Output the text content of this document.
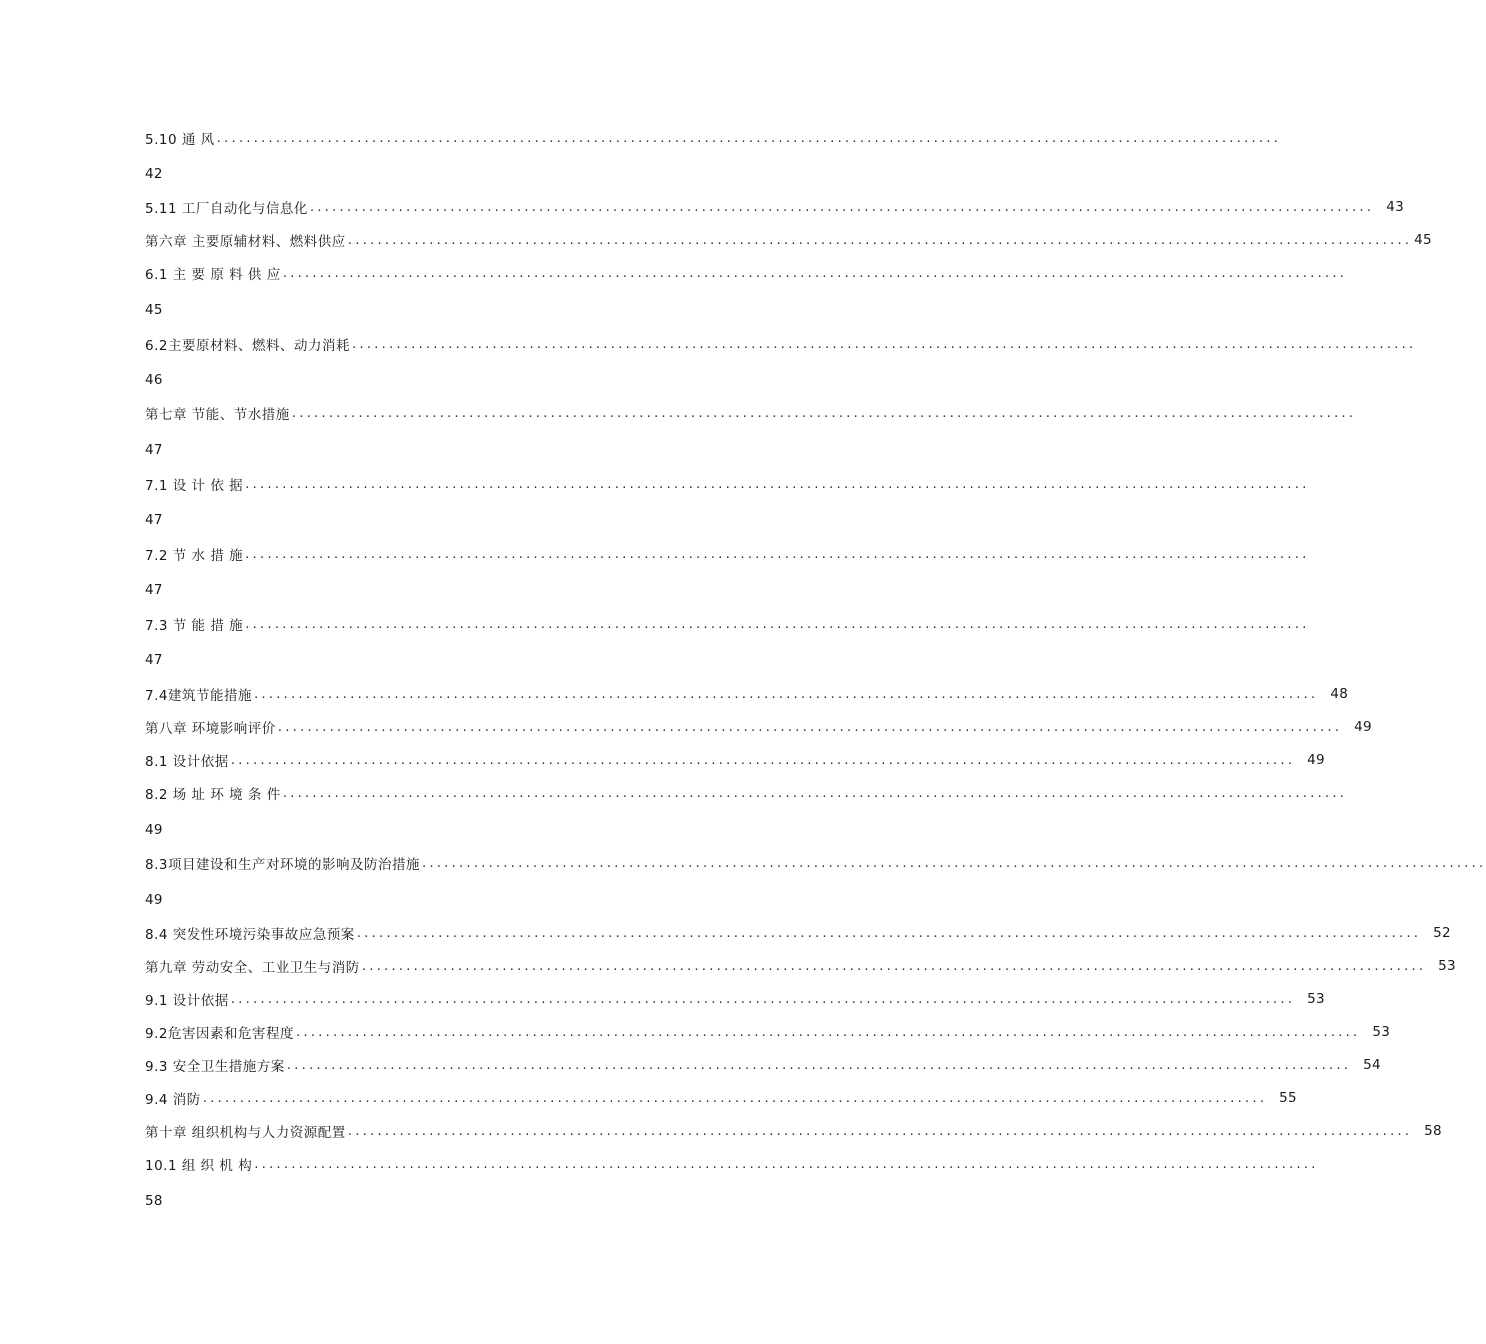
5.10 通 风 ................................................................................................................................................
42
5.11 工厂自动化与信息化 ................................................................................................................................................ 43
第六章 主要原辅材料、燃料供应 ................................................................................................................................................ 45
6.1 主 要 原 料 供 应 ................................................................................................................................................
45
6.2主要原材料、燃料、动力消耗 ................................................................................................................................................
46
第七章 节能、节水措施 ................................................................................................................................................
47
7.1 设 计 依 据 ................................................................................................................................................
47
7.2 节 水 措 施 ................................................................................................................................................
47
7.3 节 能 措 施 ................................................................................................................................................
47
7.4建筑节能措施 ................................................................................................................................................ 48
第八章 环境影响评价 ................................................................................................................................................ 49
8.1 设计依据 ................................................................................................................................................ 49
8.2 场 址 环 境 条 件 ................................................................................................................................................
49
8.3项目建设和生产对环境的影响及防治措施 ................................................................................................................................................
49
8.4 突发性环境污染事故应急预案 ................................................................................................................................................ 52
第九章 劳动安全、工业卫生与消防 ................................................................................................................................................ 53
9.1 设计依据 ................................................................................................................................................ 53
9.2危害因素和危害程度 ................................................................................................................................................ 53
9.3 安全卫生措施方案 ................................................................................................................................................ 54
9.4 消防 ................................................................................................................................................ 55
第十章 组织机构与人力资源配置 ................................................................................................................................................ 58
10.1 组 织 机 构 ................................................................................................................................................
58
